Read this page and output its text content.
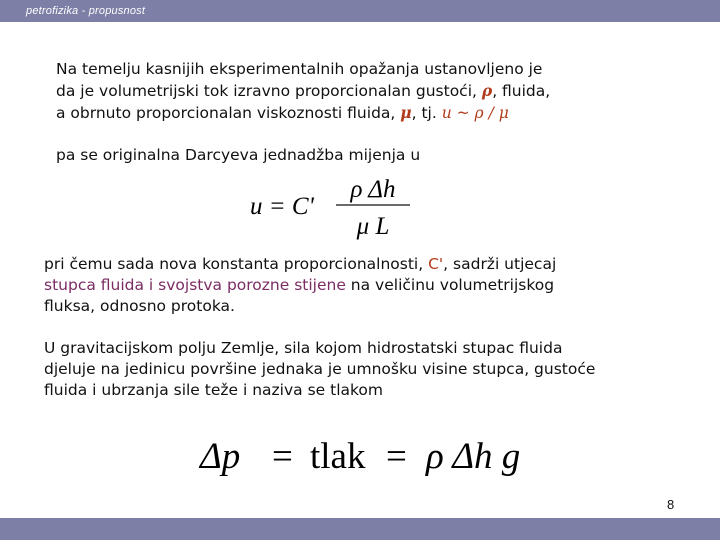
petrofizika - propusnost
Na temelju kasnijih eksperimentalnih opažanja ustanovljeno je
da je volumetrijski tok izravno proporcionalan gustoći, ρ, fluida,
a obrnuto proporcionalan viskoznosti fluida, μ, tj. u ~ ρ / μ
pa se originalna Darcyeva jednadžba mijenja u
u = C'
ρ Δh
μ L
pri čemu sada nova konstanta proporcionalnosti, C', sadrži utjecaj
stupca fluida i svojstva porozne stijene na veličinu volumetrijskog
fluksa, odnosno protoka.
U gravitacijskom polju Zemlje, sila kojom hidrostatski stupac fluida
djeluje na jedinicu površine jednaka je umnošku visine stupca, gustoće
fluida i ubrzanja sile teže i naziva se tlakom
Δp = tlak = ρ Δh g
8
